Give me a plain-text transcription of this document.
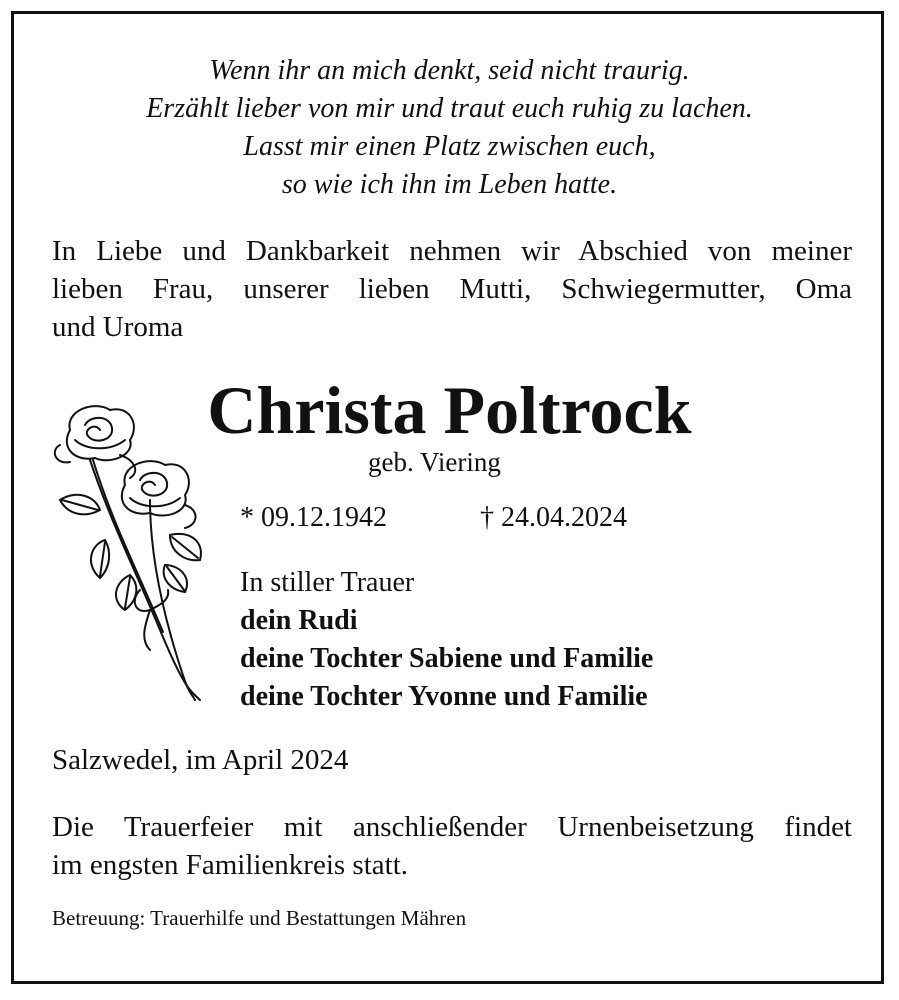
Wenn ihr an mich denkt, seid nicht traurig.
Erzählt lieber von mir und traut euch ruhig zu lachen.
Lasst mir einen Platz zwischen euch,
so wie ich ihn im Leben hatte.
In Liebe und Dankbarkeit nehmen wir Abschied von meiner
lieben Frau, unserer lieben Mutti, Schwiegermutter, Oma
und Uroma
Christa Poltrock
geb. Viering
* 09.12.1942	† 24.04.2024
In stiller Trauer
dein Rudi
deine Tochter Sabiene und Familie
deine Tochter Yvonne und Familie
Salzwedel, im April 2024
Die Trauerfeier mit anschließender Urnenbeisetzung findet
im engsten Familienkreis statt.
Betreuung: Trauerhilfe und Bestattungen Mähren
